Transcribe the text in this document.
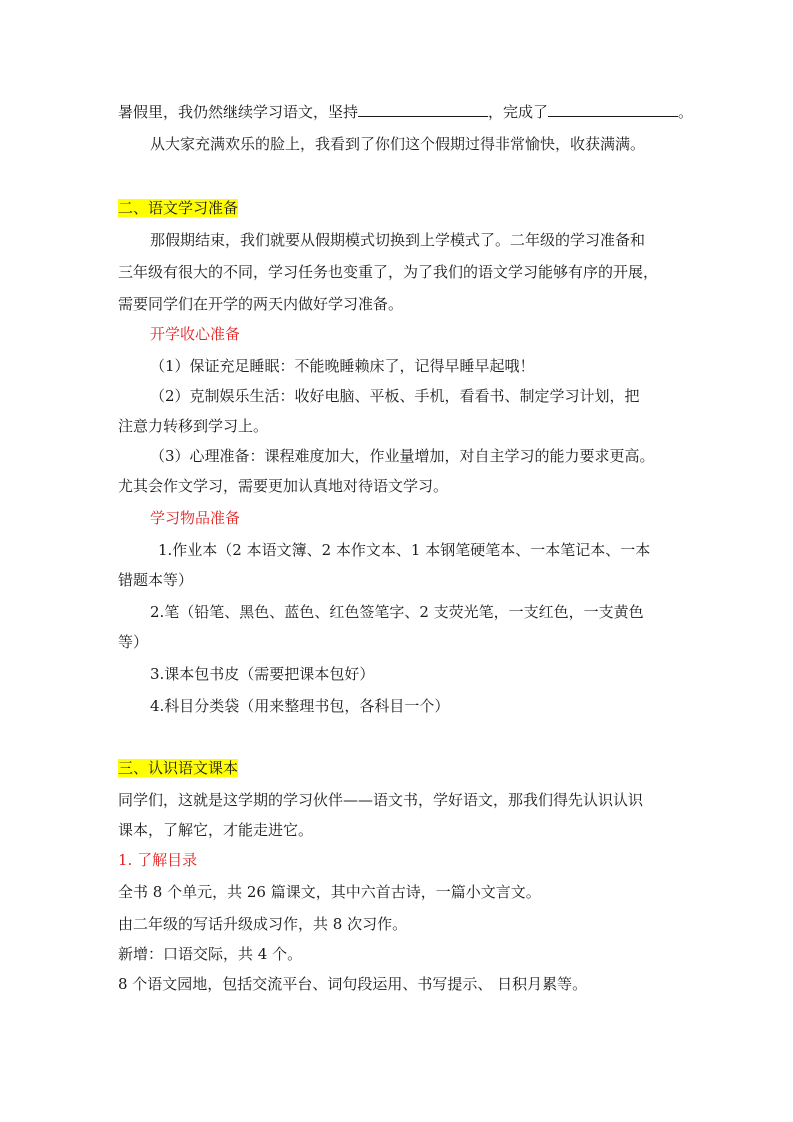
暑假里，我仍然继续学习语文，坚持	，完成了	。
从大家充满欢乐的脸上，我看到了你们这个假期过得非常愉快，收获满满。
二、语文学习准备
那假期结束，我们就要从假期模式切换到上学模式了。二年级的学习准备和
三年级有很大的不同，学习任务也变重了，为了我们的语文学习能够有序的开展，
需要同学们在开学的两天内做好学习准备。
开学收心准备
（1）保证充足睡眠：不能晚睡赖床了，记得早睡早起哦！
（2）克制娱乐生活：收好电脑、平板、手机，看看书、制定学习计划，把
注意力转移到学习上。
（3）心理准备：课程难度加大，作业量增加，对自主学习的能力要求更高。
尤其会作文学习，需要更加认真地对待语文学习。
学习物品准备
1.作业本（2 本语文簿、2 本作文本、1 本钢笔硬笔本、一本笔记本、一本
错题本等）
2.笔（铅笔、黑色、蓝色、红色签笔字、2 支荧光笔，一支红色，一支黄色
等）
3.课本包书皮（需要把课本包好）
4.科目分类袋（用来整理书包，各科目一个）
三、认识语文课本
同学们，这就是这学期的学习伙伴——语文书，学好语文，那我们得先认识认识
课本，了解它，才能走进它。
1. 了解目录
全书 8 个单元，共 26 篇课文，其中六首古诗，一篇小文言文。
由二年级的写话升级成习作，共 8 次习作。
新增：口语交际，共 4 个。
8 个语文园地，包括交流平台、词句段运用、书写提示、 日积月累等。
